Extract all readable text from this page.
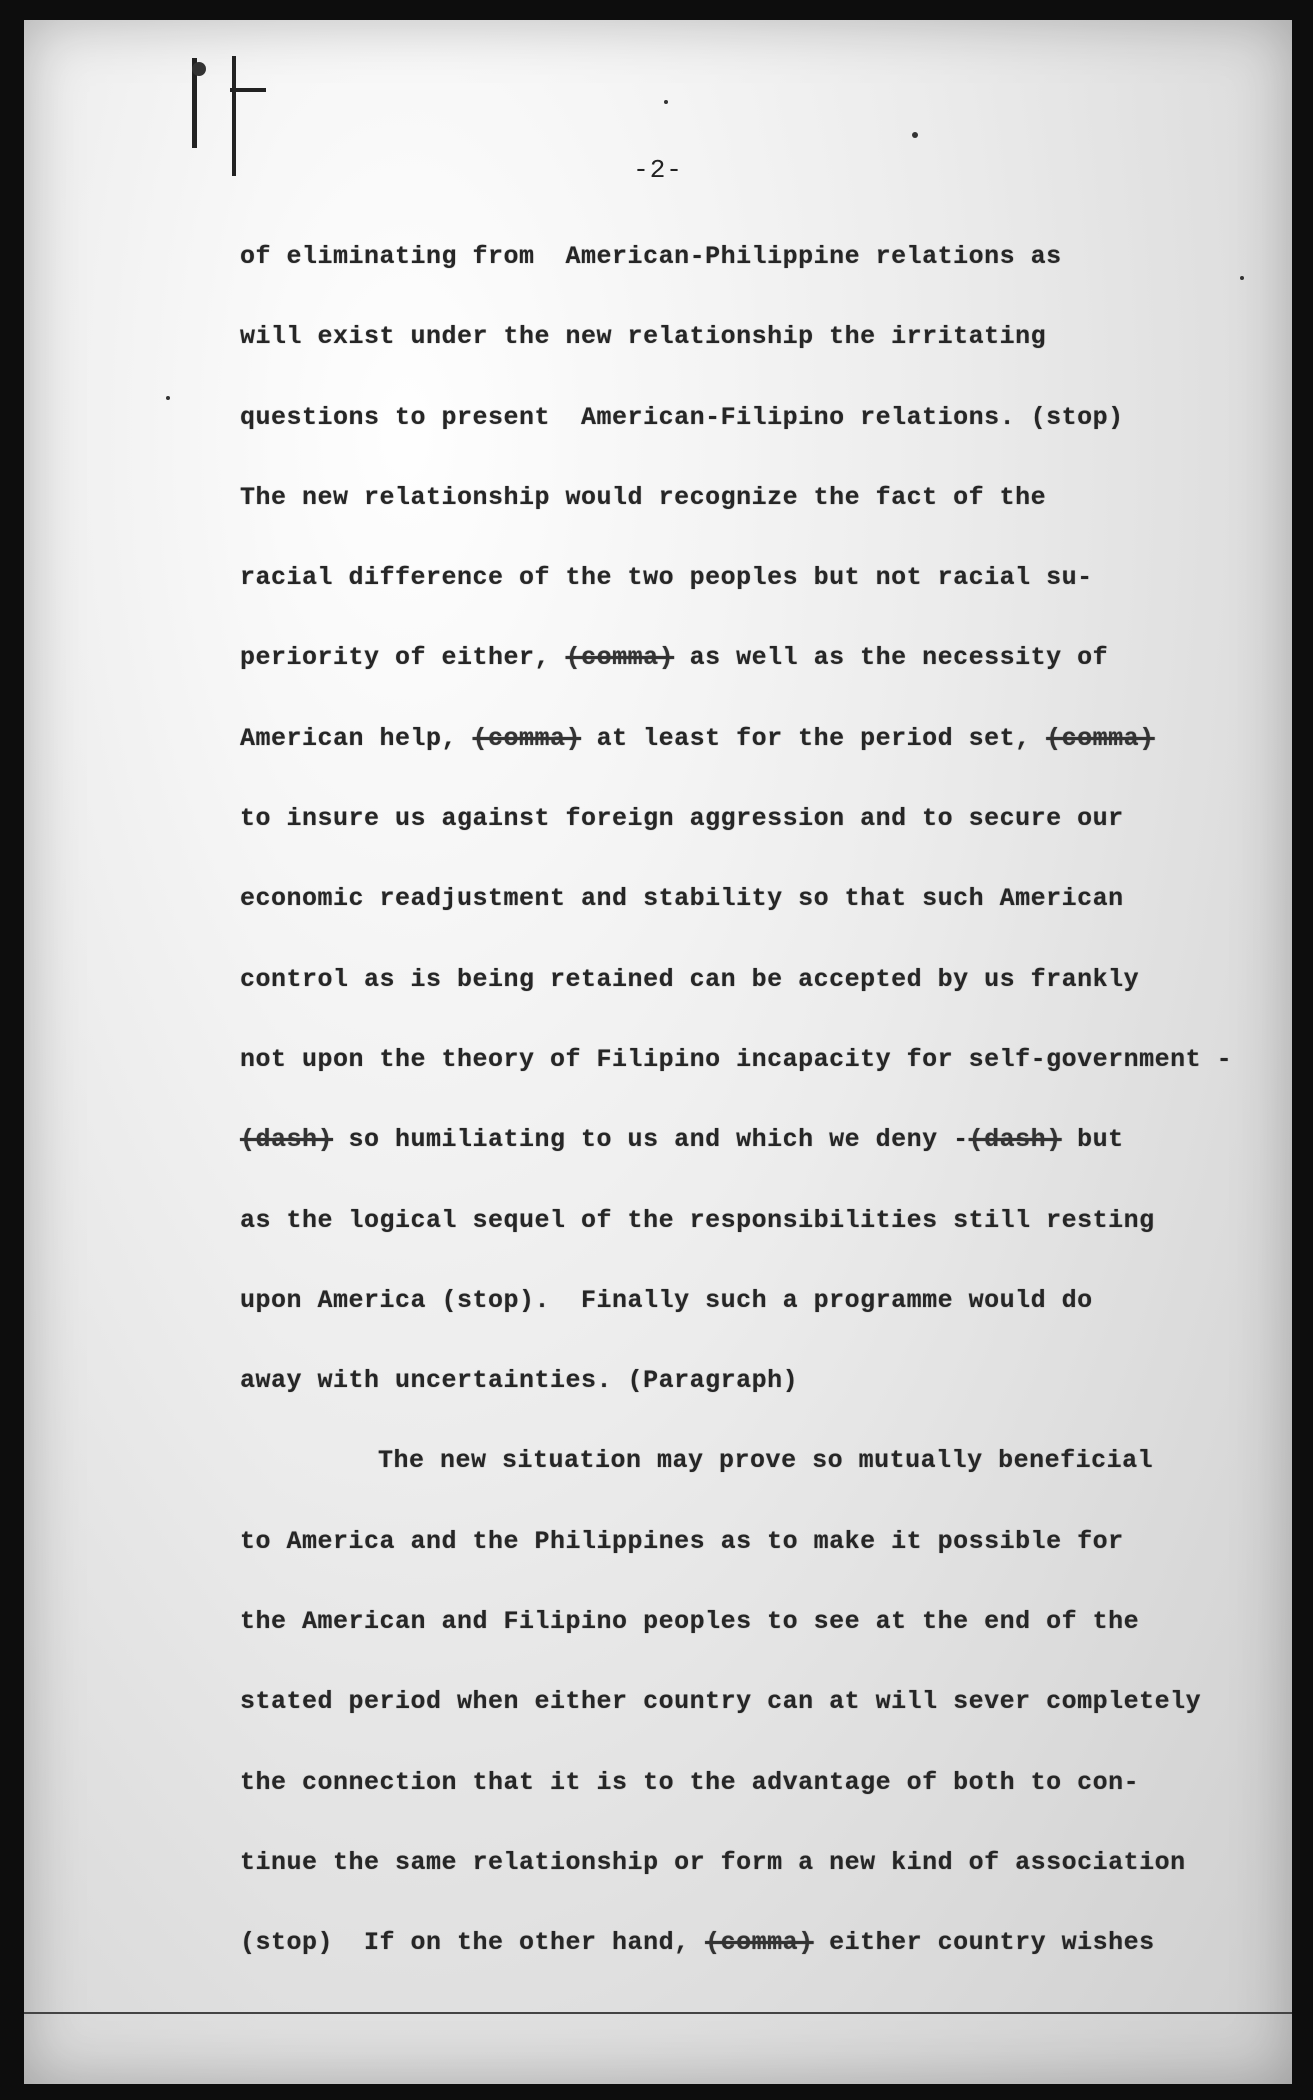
-2-
of eliminating from  American-Philippine relations as
will exist under the new relationship the irritating
questions to present  American-Filipino relations. (stop)
The new relationship would recognize the fact of the
racial difference of the two peoples but not racial su-
periority of either, (comma) as well as the necessity of
American help, (comma) at least for the period set, (comma)
to insure us against foreign aggression and to secure our
economic readjustment and stability so that such American
control as is being retained can be accepted by us frankly
not upon the theory of Filipino incapacity for self-government -
(dash) so humiliating to us and which we deny -(dash) but
as the logical sequel of the responsibilities still resting
upon America (stop).  Finally such a programme would do
away with uncertainties. (Paragraph)
The new situation may prove so mutually beneficial
to America and the Philippines as to make it possible for
the American and Filipino peoples to see at the end of the
stated period when either country can at will sever completely
the connection that it is to the advantage of both to con-
tinue the same relationship or form a new kind of association
(stop)  If on the other hand, (comma) either country wishes
